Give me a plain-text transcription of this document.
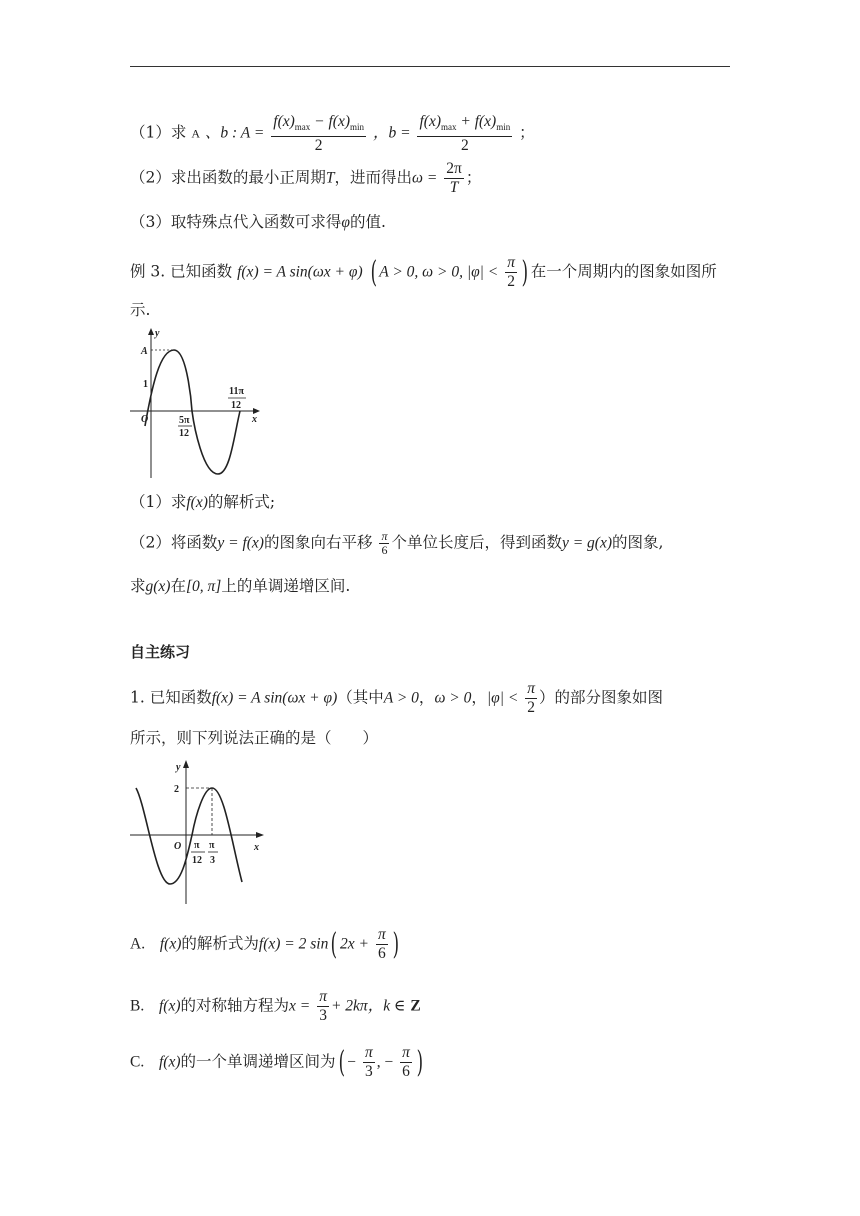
（1）求 A 、b : $A = \frac{f(x)_{max} - f(x)_{min}}{2}$ ，$b = \frac{f(x)_{max} + f(x)_{min}}{2}$ ；
（2）求出函数的最小正周期T，进而得出$\omega = \frac{2\pi}{T}$ ；
（3）取特殊点代入函数可求得φ的值.
例 3. 已知函数 f(x) = A sin(ωx + φ) ( A > 0, ω > 0, $|\varphi| < \frac{\pi}{2}$ ) 在一个周期内的图象如图所
示.
y
x
A
1
O	5π
12
11π
12
（1）求f(x)的解析式;
（2）将函数y = f(x)的图象向右平移 $\frac{\pi}{6}$ 个单位长度后，得到函数y = g(x)的图象,
求g(x)在[0, π]上的单调递增区间.
自主练习
1. 已知函数f(x) = A sin(ωx + φ)（其中A > 0，ω > 0，$|\varphi| < \frac{\pi}{2}$ ）的部分图象如图
所示，则下列说法正确的是（　　）
y
x
2
O π
12
π
3
A. f(x)的解析式为f(x) = 2 sin( $2x + \frac{\pi}{6}$ )
B. f(x)的对称轴方程为$x = \frac{\pi}{3} + 2k\pi$，k ∈ Z
C. f(x)的一个单调递增区间为( − $\frac{\pi}{3}$ , − $\frac{\pi}{6}$ )
